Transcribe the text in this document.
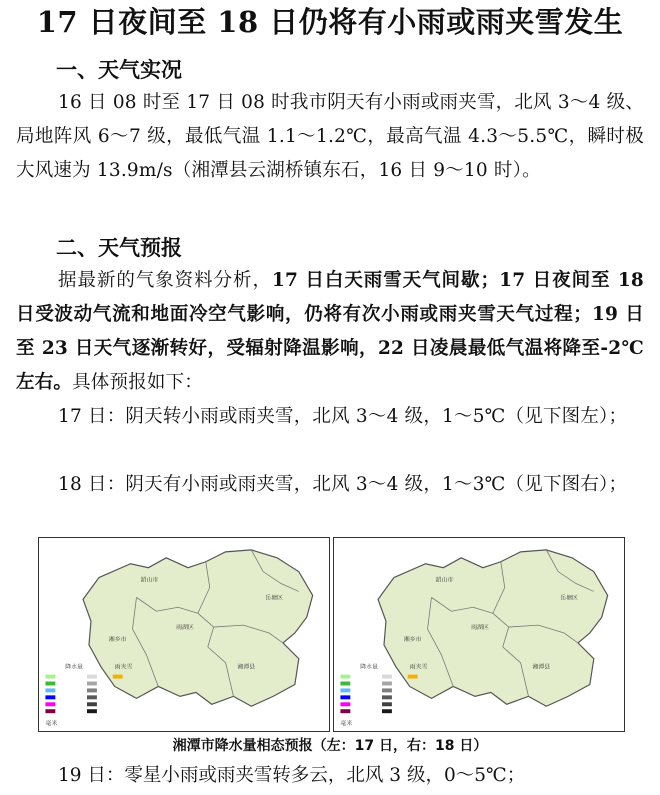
17 日夜间至 18 日仍将有小雨或雨夹雪发生
一、天气实况
16 日 08 时至 17 日 08 时我市阴天有小雨或雨夹雪，北风 3～4 级、局地阵风 6～7 级，最低气温 1.1～1.2℃，最高气温 4.3～5.5℃，瞬时极大风速为 13.9m/s（湘潭县云湖桥镇东石，16 日 9～10 时）。
二、天气预报
据最新的气象资料分析，17 日白天雨雪天气间歇；17 日夜间至 18 日受波动气流和地面冷空气影响，仍将有次小雨或雨夹雪天气过程；19 日至 23 日天气逐渐转好，受辐射降温影响，22 日凌晨最低气温将降至-2℃左右。具体预报如下：
17 日：阴天转小雨或雨夹雪，北风 3～4 级，1～5℃（见下图左）；
18 日：阴天有小雨或雨夹雪，北风 3～4 级，1～3℃（见下图右）；
韶山市
湘乡市
湘潭县
雨湖区
岳塘区
降水量	雨夹雪
毫米
韶山市
湘乡市
湘潭县
雨湖区
岳塘区
降水量	雨夹雪
毫米
湘潭市降水量相态预报（左：17 日，右：18 日）
19 日：零星小雨或雨夹雪转多云，北风 3 级，0～5℃；
